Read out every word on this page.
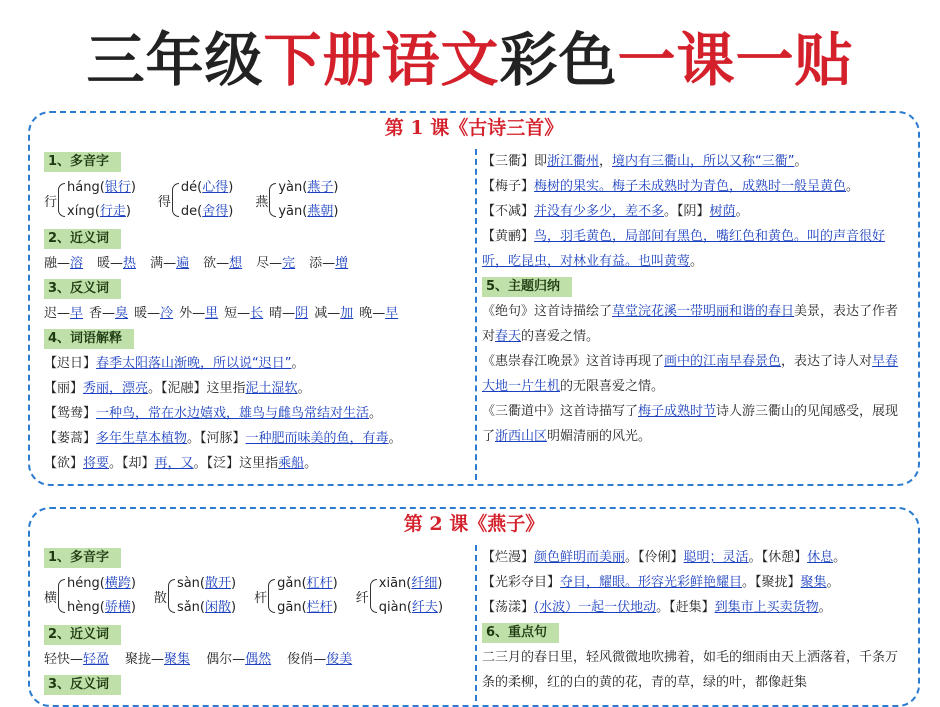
三年级下册语文彩色一课一贴
第 1 课《古诗三首》
1、多音字
行
háng(银行)
xíng(行走)
得
dé(心得)
de(舍得)
燕
yàn(燕子)
yān(燕朝)
2、近义词
融—溶 暖—热 满—遍 欲—想 尽—完 添—增
3、反义词
迟—早 香—臭 暖—冷 外—里 短—长 晴—阴 减—加 晚—早
4、词语解释
【迟日】春季太阳落山渐晚，所以说“迟日”。
【丽】秀丽，漂亮。【泥融】这里指泥土湿软。
【鸳鸯】一种鸟，常在水边嬉戏，雄鸟与雌鸟常结对生活。
【蒌蒿】多年生草本植物。【河豚】一种肥而味美的鱼，有毒。
【欲】将要。【却】再，又。【泛】这里指乘船。
【三衢】即浙江衢州，境内有三衢山，所以又称“三衢”。
【梅子】梅树的果实。梅子未成熟时为青色，成熟时一般呈黄色。
【不减】并没有少多少，差不多。【阴】树荫。
【黄鹂】鸟，羽毛黄色，局部间有黑色，嘴红色和黄色。叫的声音很好听，吃昆虫，对林业有益。也叫黄莺。
5、主题归纳
《绝句》这首诗描绘了草堂浣花溪一带明丽和谐的春日美景，表达了作者对春天的喜爱之情。
《惠崇春江晚景》这首诗再现了画中的江南早春景色，表达了诗人对早春大地一片生机的无限喜爱之情。
《三衢道中》这首诗描写了梅子成熟时节诗人游三衢山的见闻感受，展现了浙西山区明媚清丽的风光。
第 2 课《燕子》
1、多音字
横
héng(横跨)
hèng(骄横)
散
sàn(散开)
sǎn(闲散)
杆
gǎn(杠杆)
gān(栏杆)
纤
xiān(纤细)
qiàn(纤夫)
2、近义词
轻快—轻盈 聚拢—聚集 偶尔—偶然 俊俏—俊美
3、反义词
【烂漫】颜色鲜明而美丽。【伶俐】聪明；灵活。【休憩】休息。
【光彩夺目】夺目，耀眼。形容光彩鲜艳耀目。【聚拢】聚集。
【荡漾】(水波）一起一伏地动。【赶集】到集市上买卖货物。
6、重点句
二三月的春日里，轻风微微地吹拂着，如毛的细雨由天上洒落着，千条万条的柔柳，红的白的黄的花，青的草，绿的叶，都像赶集
